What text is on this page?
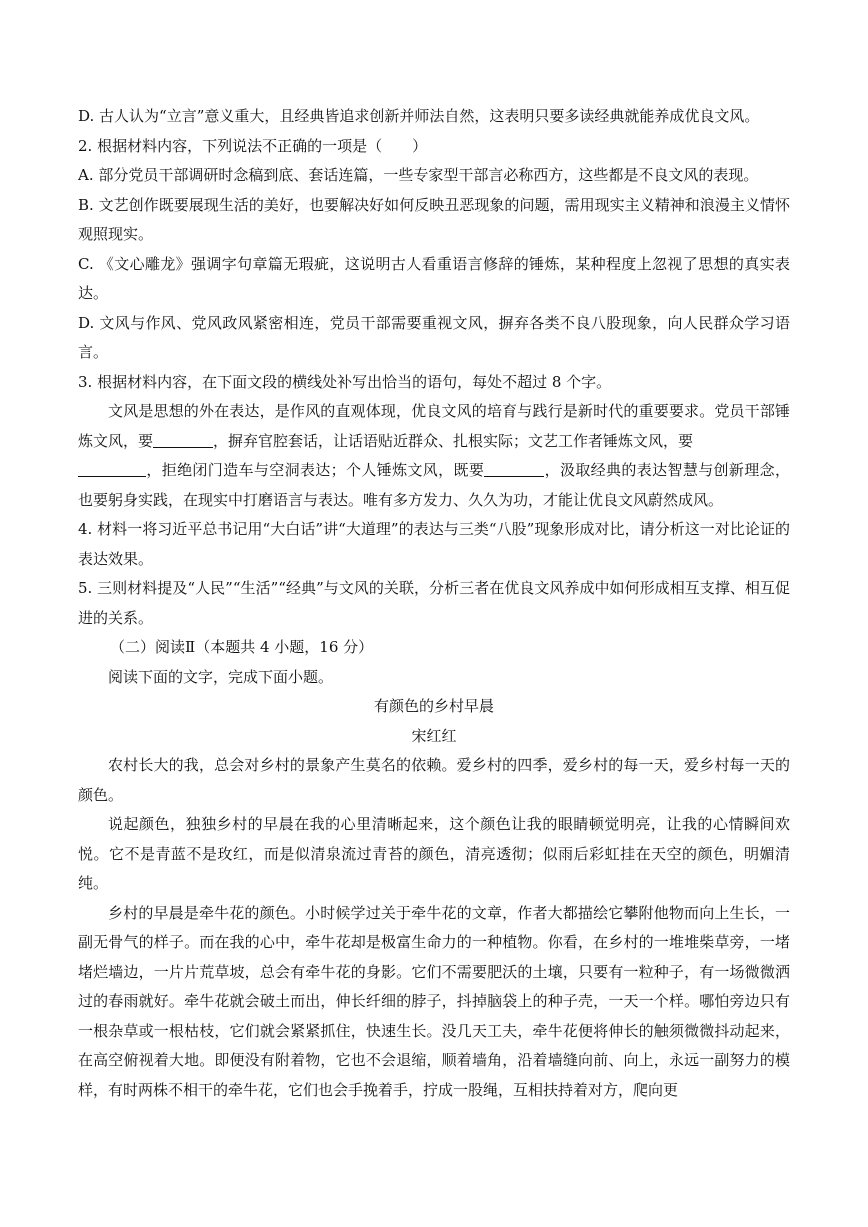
D. 古人认为“立言”意义重大，且经典皆追求创新并师法自然，这表明只要多读经典就能养成优良文风。

2. 根据材料内容，下列说法不正确的一项是（　　）

A. 部分党员干部调研时念稿到底、套话连篇，一些专家型干部言必称西方，这些都是不良文风的表现。

B. 文艺创作既要展现生活的美好，也要解决好如何反映丑恶现象的问题，需用现实主义精神和浪漫主义情怀观照现实。

C. 《文心雕龙》强调字句章篇无瑕疵，这说明古人看重语言修辞的锤炼，某种程度上忽视了思想的真实表达。

D. 文风与作风、党风政风紧密相连，党员干部需要重视文风，摒弃各类不良八股现象，向人民群众学习语言。

3. 根据材料内容，在下面文段的横线处补写出恰当的语句，每处不超过 8 个字。

文风是思想的外在表达，是作风的直观体现，优良文风的培育与践行是新时代的重要要求。党员干部锤炼文风，要	，摒弃官腔套话，让话语贴近群众、扎根实际；文艺工作者锤炼文风，要
，拒绝闭门造车与空洞表达；个人锤炼文风，既要	，汲取经典的表达智慧与创新理念，也要躬身实践，在现实中打磨语言与表达。唯有多方发力、久久为功，才能让优良文风蔚然成风。

4. 材料一将习近平总书记用“大白话”讲“大道理”的表达与三类“八股”现象形成对比，请分析这一对比论证的表达效果。

5. 三则材料提及“人民”“生活”“经典”与文风的关联，分析三者在优良文风养成中如何形成相互支撑、相互促进的关系。

（二）阅读Ⅱ（本题共 4 小题，16 分）

阅读下面的文字，完成下面小题。

有颜色的乡村早晨

宋红红

农村长大的我，总会对乡村的景象产生莫名的依赖。爱乡村的四季，爱乡村的每一天，爱乡村每一天的颜色。

说起颜色，独独乡村的早晨在我的心里清晰起来，这个颜色让我的眼睛顿觉明亮，让我的心情瞬间欢悦。它不是青蓝不是玫红，而是似清泉流过青苔的颜色，清亮透彻；似雨后彩虹挂在天空的颜色，明媚清纯。

乡村的早晨是牵牛花的颜色。小时候学过关于牵牛花的文章，作者大都描绘它攀附他物而向上生长，一副无骨气的样子。而在我的心中，牵牛花却是极富生命力的一种植物。你看，在乡村的一堆堆柴草旁，一堵堵烂墙边，一片片荒草坡，总会有牵牛花的身影。它们不需要肥沃的土壤，只要有一粒种子，有一场微微洒过的春雨就好。牵牛花就会破土而出，伸长纤细的脖子，抖掉脑袋上的种子壳，一天一个样。哪怕旁边只有一根杂草或一根枯枝，它们就会紧紧抓住，快速生长。没几天工夫，牵牛花便将伸长的触须微微抖动起来，在高空俯视着大地。即便没有附着物，它也不会退缩，顺着墙角，沿着墙缝向前、向上，永远一副努力的模样，有时两株不相干的牵牛花，它们也会手挽着手，拧成一股绳，互相扶持着对方，爬向更
